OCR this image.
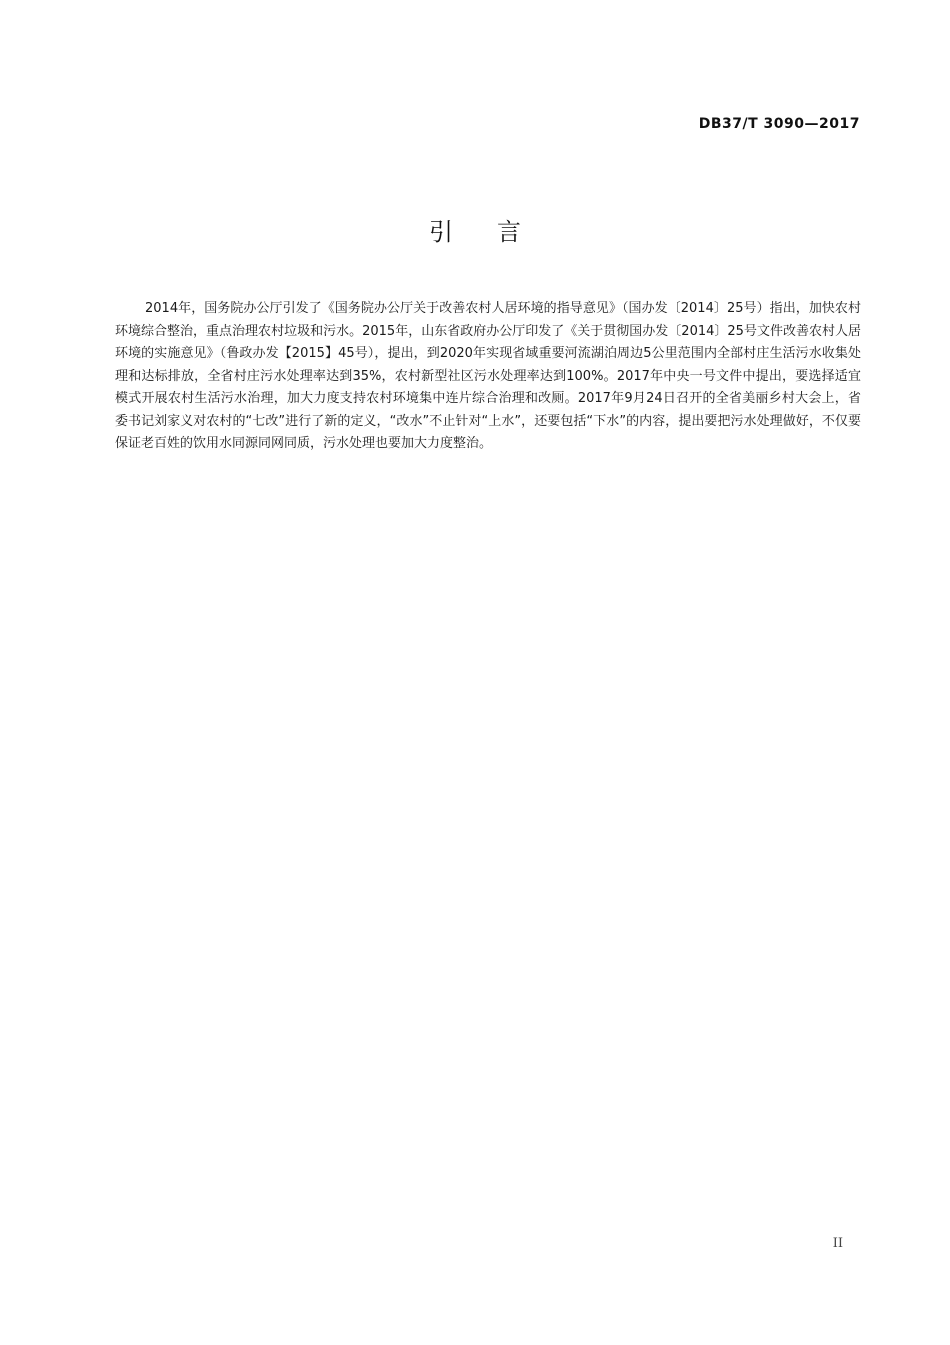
DB37/T 3090—2017
引言

2014年，国务院办公厅引发了《国务院办公厅关于改善农村人居环境的指导意见》（国办发〔2014〕25号）指出，加快农村环境综合整治，重点治理农村垃圾和污水。2015年，山东省政府办公厅印发了《关于贯彻国办发〔2014〕25号文件改善农村人居环境的实施意见》（鲁政办发【2015】45号），提出，到2020年实现省域重要河流湖泊周边5公里范围内全部村庄生活污水收集处理和达标排放，全省村庄污水处理率达到35%，农村新型社区污水处理率达到100%。2017年中央一号文件中提出，要选择适宜模式开展农村生活污水治理，加大力度支持农村环境集中连片综合治理和改厕。2017年9月24日召开的全省美丽乡村大会上，省委书记刘家义对农村的“七改”进行了新的定义，“改水”不止针对“上水”，还要包括“下水”的内容，提出要把污水处理做好，不仅要保证老百姓的饮用水同源同网同质，污水处理也要加大力度整治。

II
